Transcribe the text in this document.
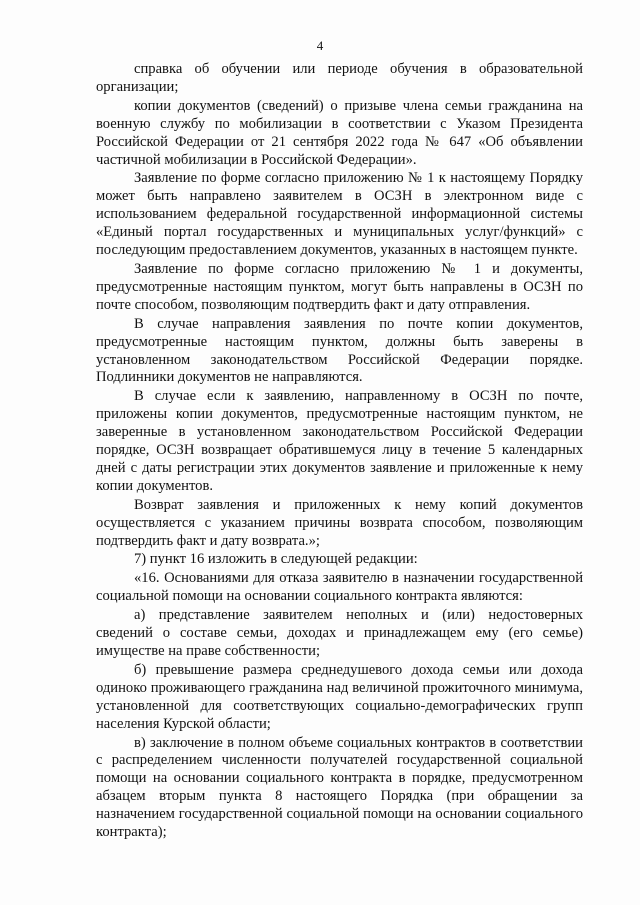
4

справка об обучении или периоде обучения в образовательной организации;

копии документов (сведений) о призыве члена семьи гражданина на военную службу по мобилизации в соответствии с Указом Президента Российской Федерации от 21 сентября 2022 года № 647 «Об объявлении частичной мобилизации в Российской Федерации».

Заявление по форме согласно приложению № 1 к настоящему Порядку может быть направлено заявителем в ОСЗН в электронном виде с использованием федеральной государственной информационной системы «Единый портал государственных и муниципальных услуг/функций» с последующим предоставлением документов, указанных в настоящем пункте.

Заявление по форме согласно приложению № 1 и документы, предусмотренные настоящим пунктом, могут быть направлены в ОСЗН по почте способом, позволяющим подтвердить факт и дату отправления.

В случае направления заявления по почте копии документов, предусмотренные настоящим пунктом, должны быть заверены в установленном законодательством Российской Федерации порядке. Подлинники документов не направляются.

В случае если к заявлению, направленному в ОСЗН по почте, приложены копии документов, предусмотренные настоящим пунктом, не заверенные в установленном законодательством Российской Федерации порядке, ОСЗН возвращает обратившемуся лицу в течение 5 календарных дней с даты регистрации этих документов заявление и приложенные к нему копии документов.

Возврат заявления и приложенных к нему копий документов осуществляется с указанием причины возврата способом, позволяющим подтвердить факт и дату возврата.»;

7) пункт 16 изложить в следующей редакции:

«16. Основаниями для отказа заявителю в назначении государственной социальной помощи на основании социального контракта являются:

а) представление заявителем неполных и (или) недостоверных сведений о составе семьи, доходах и принадлежащем ему (его семье) имуществе на праве собственности;

б) превышение размера среднедушевого дохода семьи или дохода одиноко проживающего гражданина над величиной прожиточного минимума, установленной для соответствующих социально-демографических групп населения Курской области;

в) заключение в полном объеме социальных контрактов в соответствии с распределением численности получателей государственной социальной помощи на основании социального контракта в порядке, предусмотренном абзацем вторым пункта 8 настоящего Порядка (при обращении за назначением государственной социальной помощи на основании социального контракта);
